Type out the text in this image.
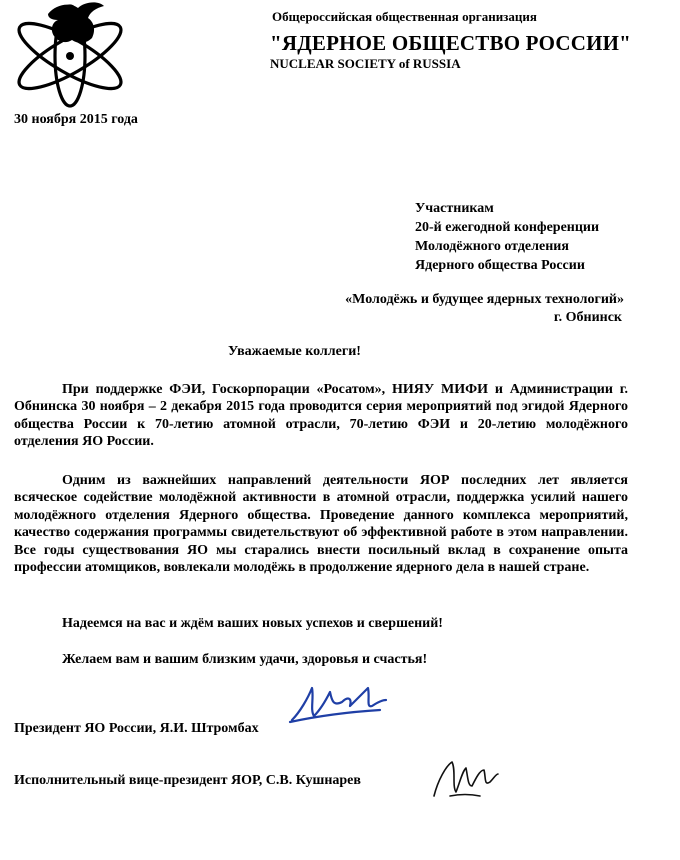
Общероссийская общественная организация
"ЯДЕРНОЕ ОБЩЕСТВО РОССИИ"
NUCLEAR SOCIETY of RUSSIA
30 ноября 2015 года
Участникам
20-й ежегодной конференции
Молодёжного отделения
Ядерного общества России
«Молодёжь и будущее ядерных технологий»
г. Обнинск
Уважаемые коллеги!
При поддержке ФЭИ, Госкорпорации «Росатом», НИЯУ МИФИ и Администрации г. Обнинска 30 ноября – 2 декабря 2015 года проводится серия мероприятий под эгидой Ядерного общества России к 70-летию атомной отрасли, 70-летию ФЭИ и 20-летию молодёжного отделения ЯО России.
Одним из важнейших направлений деятельности ЯОР последних лет является всяческое содействие молодёжной активности в атомной отрасли, поддержка усилий нашего молодёжного отделения Ядерного общества. Проведение данного комплекса мероприятий, качество содержания программы свидетельствуют об эффективной работе в этом направлении. Все годы существования ЯО мы старались внести посильный вклад в сохранение опыта профессии атомщиков, вовлекали молодёжь в продолжение ядерного дела в нашей стране.
Надеемся на вас и ждём ваших новых успехов и свершений!
Желаем вам и вашим близким удачи, здоровья и счастья!
Президент ЯО России, Я.И. Штромбах
Исполнительный вице-президент ЯОР, С.В. Кушнарев
